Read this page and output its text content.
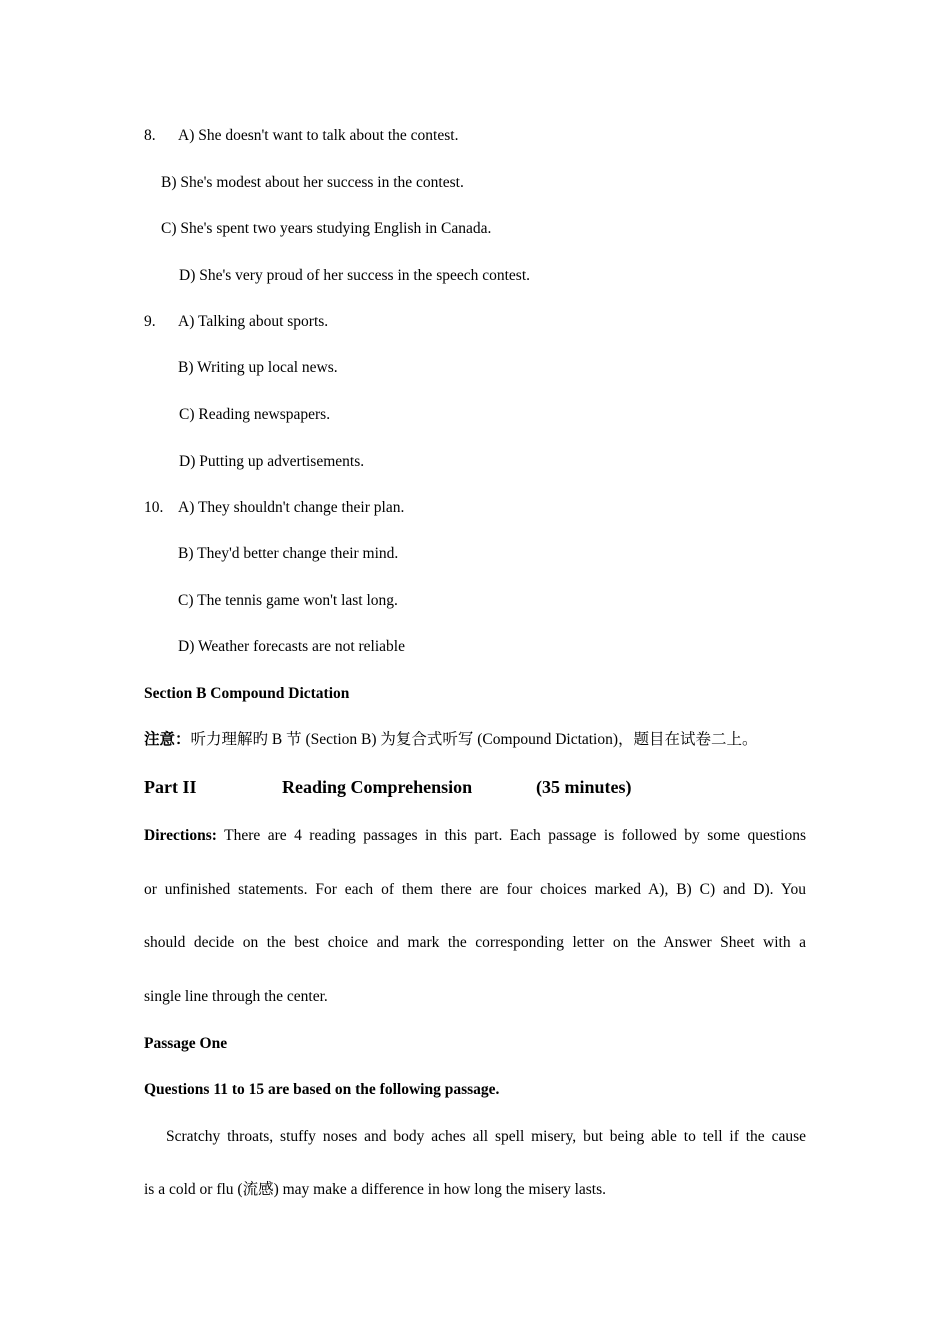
8. A) She doesn't want to talk about the contest.
B) She's modest about her success in the contest.
C) She's spent two years studying English in Canada.
D) She's very proud of her success in the speech contest.
9. A) Talking about sports.
B) Writing up local news.
C) Reading newspapers.
D) Putting up advertisements.
10. A) They shouldn't change their plan.
B) They'd better change their mind.
C) The tennis game won't last long.
D) Weather forecasts are not reliable
Section B Compound Dictation
注意：听力理解旳 B 节 (Section B) 为复合式听写 (Compound Dictation)，题目在试卷二上。
Part II	Reading Comprehension	(35 minutes)
Directions: There are 4 reading passages in this part. Each passage is followed by some questions
or unfinished statements. For each of them there are four choices marked A), B) C) and D). You
should decide on the best choice and mark the corresponding letter on the Answer Sheet with a
single line through the center.
Passage One
Questions 11 to 15 are based on the following passage.
Scratchy throats, stuffy noses and body aches all spell misery, but being able to tell if the cause
is a cold or flu (流感) may make a difference in how long the misery lasts.
